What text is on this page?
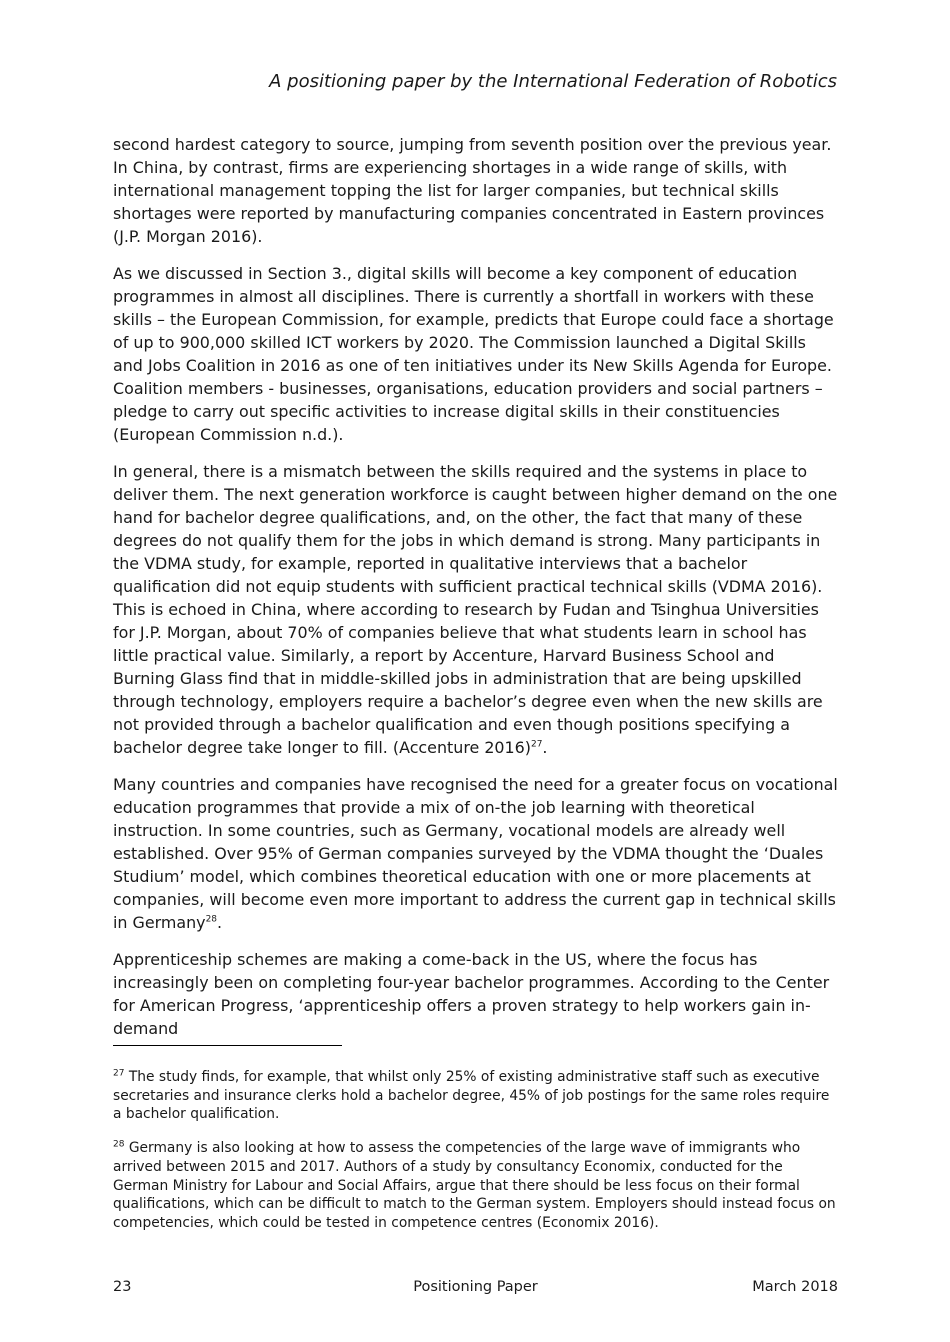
A positioning paper by the International Federation of Robotics

second hardest category to source, jumping from seventh position over the previous year. In China, by contrast, firms are experiencing shortages in a wide range of skills, with international management topping the list for larger companies, but technical skills shortages were reported by manufacturing companies concentrated in Eastern provinces (J.P. Morgan 2016).

As we discussed in Section 3., digital skills will become a key component of education programmes in almost all disciplines. There is currently a shortfall in workers with these skills – the European Commission, for example, predicts that Europe could face a shortage of up to 900,000 skilled ICT workers by 2020. The Commission launched a Digital Skills and Jobs Coalition in 2016 as one of ten initiatives under its New Skills Agenda for Europe. Coalition members - businesses, organisations, education providers and social partners – pledge to carry out specific activities to increase digital skills in their constituencies (European Commission n.d.).

In general, there is a mismatch between the skills required and the systems in place to deliver them. The next generation workforce is caught between higher demand on the one hand for bachelor degree qualifications, and, on the other, the fact that many of these degrees do not qualify them for the jobs in which demand is strong. Many participants in the VDMA study, for example, reported in qualitative interviews that a bachelor qualification did not equip students with sufficient practical technical skills (VDMA 2016). This is echoed in China, where according to research by Fudan and Tsinghua Universities for J.P. Morgan, about 70% of companies believe that what students learn in school has little practical value. Similarly, a report by Accenture, Harvard Business School and Burning Glass find that in middle-skilled jobs in administration that are being upskilled through technology, employers require a bachelor’s degree even when the new skills are not provided through a bachelor qualification and even though positions specifying a bachelor degree take longer to fill. (Accenture 2016)$^{27}$.

Many countries and companies have recognised the need for a greater focus on vocational education programmes that provide a mix of on-the job learning with theoretical instruction. In some countries, such as Germany, vocational models are already well established. Over 95% of German companies surveyed by the VDMA thought the ‘Duales Studium’ model, which combines theoretical education with one or more placements at companies, will become even more important to address the current gap in technical skills in Germany$^{28}$.

Apprenticeship schemes are making a come-back in the US, where the focus has increasingly been on completing four-year bachelor programmes. According to the Center for American Progress, ‘apprenticeship offers a proven strategy to help workers gain in-demand

$^{27}$ The study finds, for example, that whilst only 25% of existing administrative staff such as executive secretaries and insurance clerks hold a bachelor degree, 45% of job postings for the same roles require a bachelor qualification.

$^{28}$ Germany is also looking at how to assess the competencies of the large wave of immigrants who arrived between 2015 and 2017. Authors of a study by consultancy Economix, conducted for the German Ministry for Labour and Social Affairs, argue that there should be less focus on their formal qualifications, which can be difficult to match to the German system. Employers should instead focus on competencies, which could be tested in competence centres (Economix 2016).

23	Positioning Paper	March 2018
